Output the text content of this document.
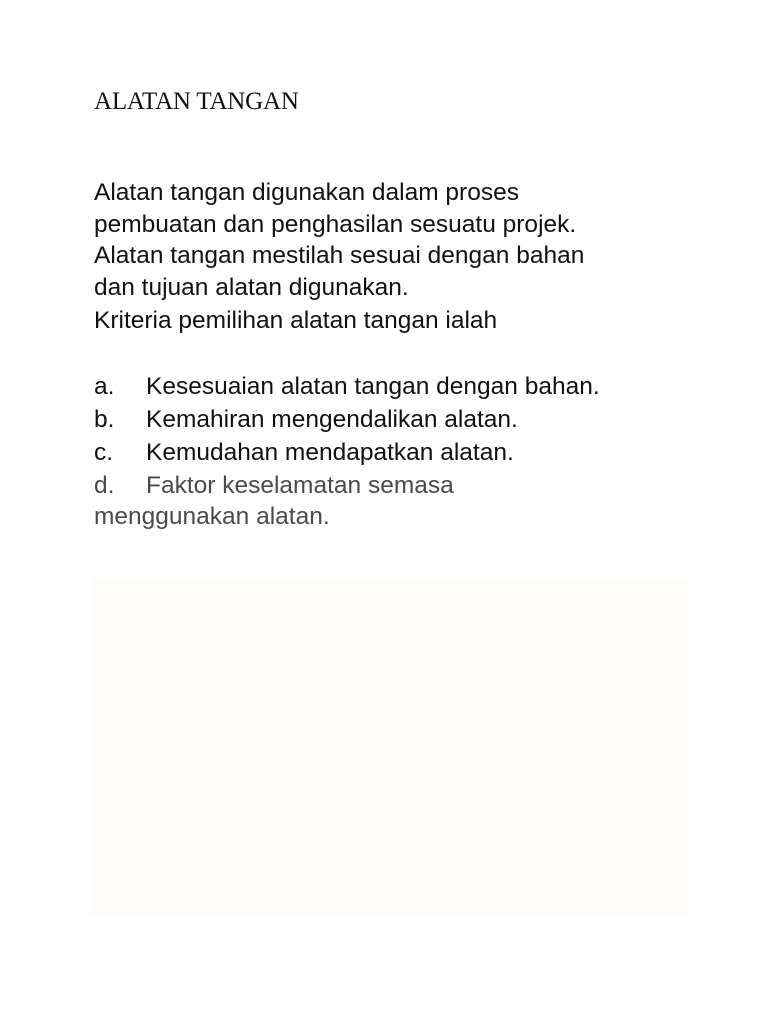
ALATAN TANGAN

Alatan tangan digunakan dalam proses
pembuatan dan penghasilan sesuatu projek.
Alatan tangan mestilah sesuai dengan bahan
dan tujuan alatan digunakan.

Kriteria pemilihan alatan tangan ialah

a. Kesesuaian alatan tangan dengan bahan.
b. Kemahiran mengendalikan alatan.
c. Kemudahan mendapatkan alatan.
d. Faktor keselamatan semasa
menggunakan alatan.
